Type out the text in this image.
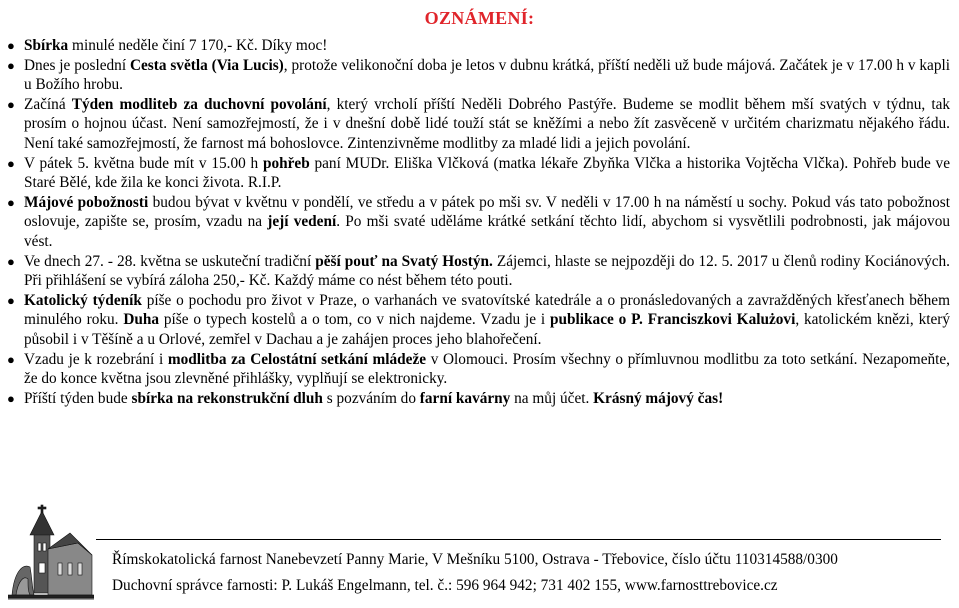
OZNÁMENÍ:
● Sbírka minulé neděle činí 7 170,- Kč. Díky moc!
● Dnes je poslední Cesta světla (Via Lucis), protože velikonoční doba je letos v dubnu krátká, příští neděli už bude májová. Začátek je v 17.00 h v kapli u Božího hrobu.
● Začíná Týden modliteb za duchovní povolání, který vrcholí příští Neděli Dobrého Pastýře. Budeme se modlit během mší svatých v týdnu, tak prosím o hojnou účast. Není samozřejmostí, že i v dnešní době lidé touží stát se kněžími a nebo žít zasvěceně v určitém charizmatu nějakého řádu. Není také samozřejmostí, že farnost má bohoslovce. Zintenzivněme modlitby za mladé lidi a jejich povolání.
● V pátek 5. května bude mít v 15.00 h pohřeb paní MUDr. Eliška Vlčková (matka lékaře Zbyňka Vlčka a historika Vojtěcha Vlčka). Pohřeb bude ve Staré Bělé, kde žila ke konci života. R.I.P.
● Májové pobožnosti budou bývat v květnu v pondělí, ve středu a v pátek po mši sv. V neděli v 17.00 h na náměstí u sochy. Pokud vás tato pobožnost oslovuje, zapište se, prosím, vzadu na její vedení. Po mši svaté uděláme krátké setkání těchto lidí, abychom si vysvětlili podrobnosti, jak májovou vést.
● Ve dnech 27. - 28. května se uskuteční tradiční pěší pouť na Svatý Hostýn. Zájemci, hlaste se nejpozději do 12. 5. 2017 u členů rodiny Kociánových. Při přihlášení se vybírá záloha 250,- Kč. Každý máme co nést během této pouti.
● Katolický týdeník píše o pochodu pro život v Praze, o varhanách ve svatovítské katedrále a o pronásledovaných a zavražděných křesťanech během minulého roku. Duha píše o typech kostelů a o tom, co v nich najdeme. Vzadu je i publikace o P. Franciszkovi Kalużovi, katolickém knězi, který působil i v Těšíně a u Orlové, zemřel v Dachau a je zahájen proces jeho blahořečení.
● Vzadu je k rozebrání i modlitba za Celostátní setkání mládeže v Olomouci. Prosím všechny o přímluvnou modlitbu za toto setkání. Nezapomeňte, že do konce května jsou zlevněné přihlášky, vyplňují se elektronicky.
● Příští týden bude sbírka na rekonstrukční dluh s pozváním do farní kavárny na můj účet. Krásný májový čas!
Římskokatolická farnost Nanebevzetí Panny Marie, V Mešníku 5100, Ostrava - Třebovice, číslo účtu 110314588/0300
Duchovní správce farnosti: P. Lukáš Engelmann, tel. č.: 596 964 942; 731 402 155, www.farnosttrebovice.cz
